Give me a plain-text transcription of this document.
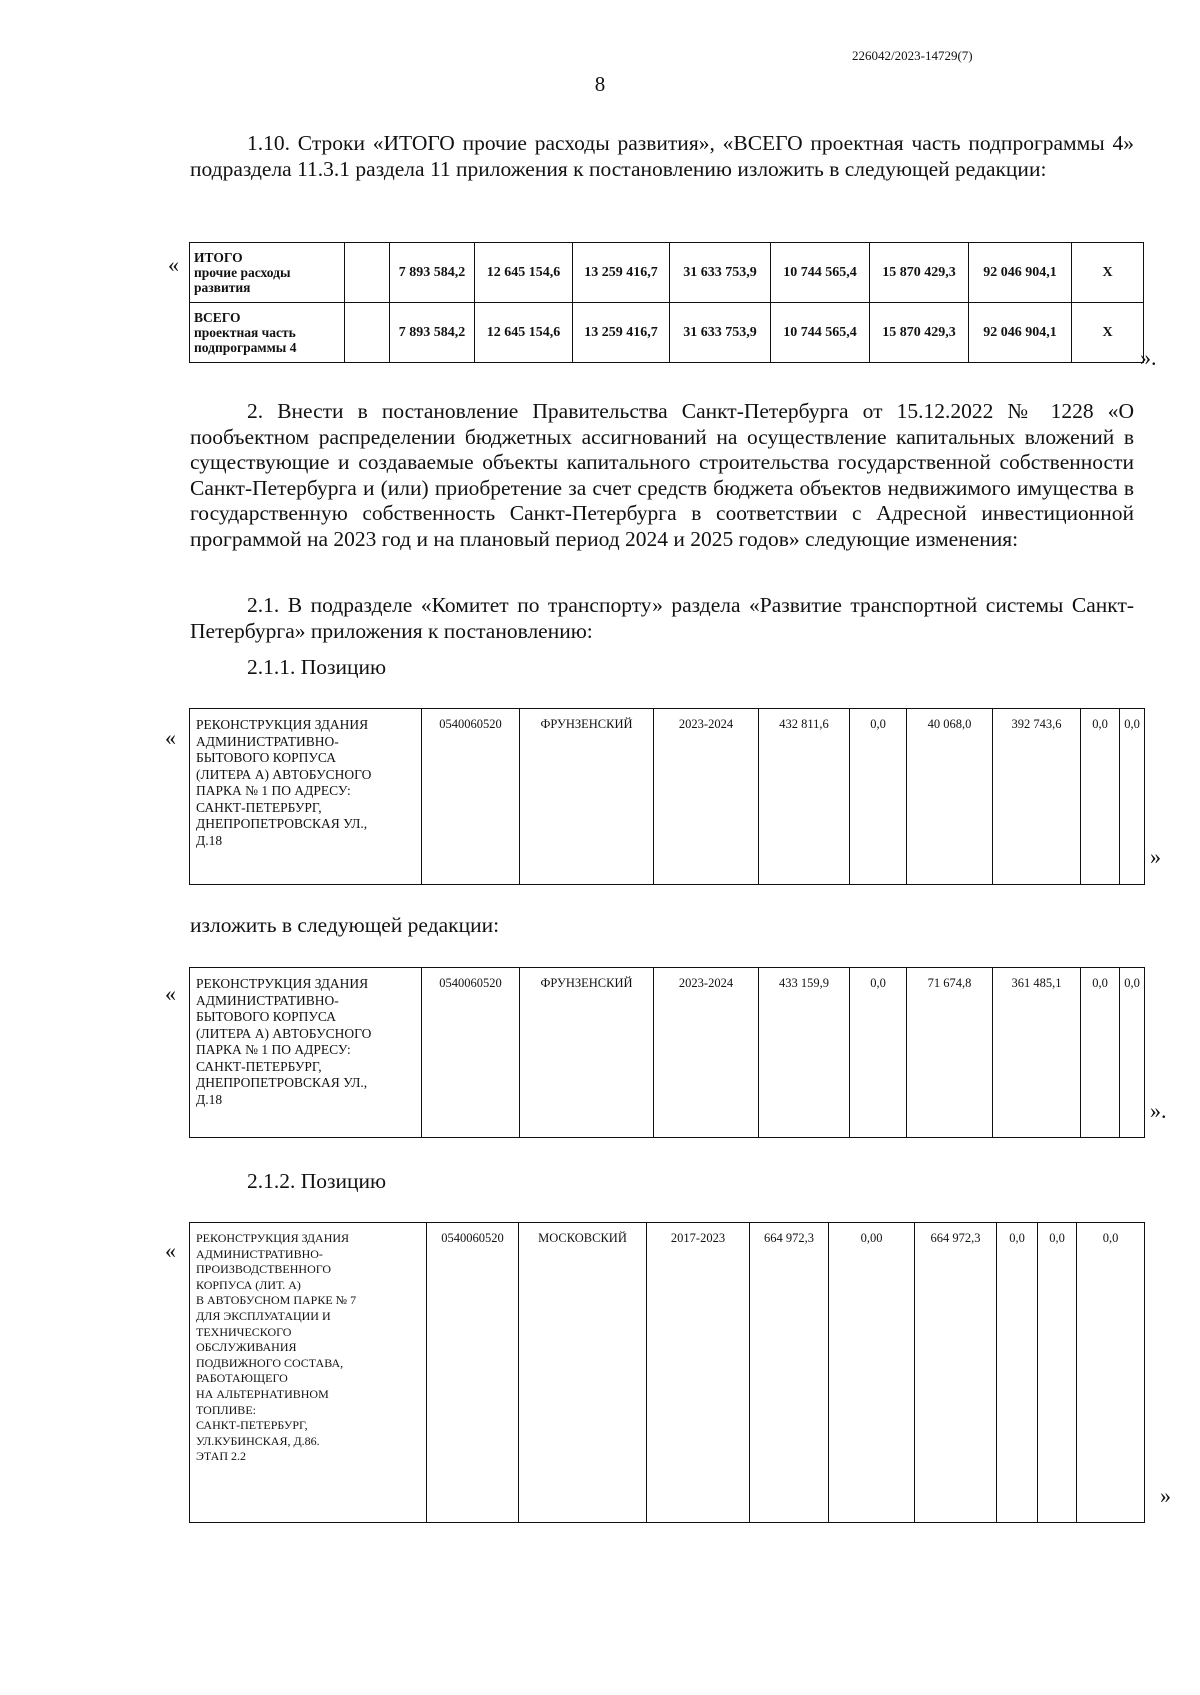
226042/2023-14729(7)
8
1.10. Строки «ИТОГО прочие расходы развития», «ВСЕГО проектная часть подпрограммы 4» подраздела 11.3.1 раздела 11 приложения к постановлению изложить в следующей редакции:
« ИТОГО
прочие расходы
развития		7 893 584,2	12 645 154,6	13 259 416,7	31 633 753,9	10 744 565,4	15 870 429,3	92 046 904,1	X

ВСЕГО
проектная часть
подпрограммы 4		7 893 584,2	12 645 154,6	13 259 416,7	31 633 753,9	10 744 565,4	15 870 429,3	92 046 904,1	X
».
2. Внести в постановление Правительства Санкт-Петербурга от 15.12.2022 № 1228 «О пообъектном распределении бюджетных ассигнований на осуществление капитальных вложений в существующие и создаваемые объекты капитального строительства государственной собственности Санкт-Петербурга и (или) приобретение за счет средств бюджета объектов недвижимого имущества в государственную собственность Санкт-Петербурга в соответствии с Адресной инвестиционной программой на 2023 год и на плановый период 2024 и 2025 годов» следующие изменения:
2.1. В подразделе «Комитет по транспорту» раздела «Развитие транспортной системы Санкт-Петербурга» приложения к постановлению:
2.1.1. Позицию
«
РЕКОНСТРУКЦИЯ ЗДАНИЯ
АДМИНИСТРАТИВНО-
БЫТОВОГО КОРПУСА
(ЛИТЕРА А) АВТОБУСНОГО
ПАРКА № 1 ПО АДРЕСУ:
САНКТ-ПЕТЕРБУРГ,
ДНЕПРОПЕТРОВСКАЯ УЛ.,
Д.18
	0540060520	ФРУНЗЕНСКИЙ	2023-2024	432 811,6	0,0	40 068,0	392 743,6	0,0	0,0
»
изложить в следующей редакции:
« РЕКОНСТРУКЦИЯ ЗДАНИЯ
АДМИНИСТРАТИВНО-
БЫТОВОГО КОРПУСА
(ЛИТЕРА А) АВТОБУСНОГО
ПАРКА № 1 ПО АДРЕСУ:
САНКТ-ПЕТЕРБУРГ,
ДНЕПРОПЕТРОВСКАЯ УЛ.,
Д.18
	0540060520	ФРУНЗЕНСКИЙ	2023-2024	433 159,9	0,0	71 674,8	361 485,1	0,0	0,0
».
2.1.2. Позицию
« РЕКОНСТРУКЦИЯ ЗДАНИЯ
АДМИНИСТРАТИВНО-
ПРОИЗВОДСТВЕННОГО
КОРПУСА (ЛИТ. А)
В АВТОБУСНОМ ПАРКЕ № 7
ДЛЯ ЭКСПЛУАТАЦИИ И
ТЕХНИЧЕСКОГО
ОБСЛУЖИВАНИЯ
ПОДВИЖНОГО СОСТАВА,
РАБОТАЮЩЕГО
НА АЛЬТЕРНАТИВНОМ
ТОПЛИВЕ:
САНКТ-ПЕТЕРБУРГ,
УЛ.КУБИНСКАЯ, Д.86.
ЭТАП 2.2
	0540060520	МОСКОВСКИЙ	2017-2023	664 972,3	0,00	664 972,3	0,0	0,0	0,0
»
